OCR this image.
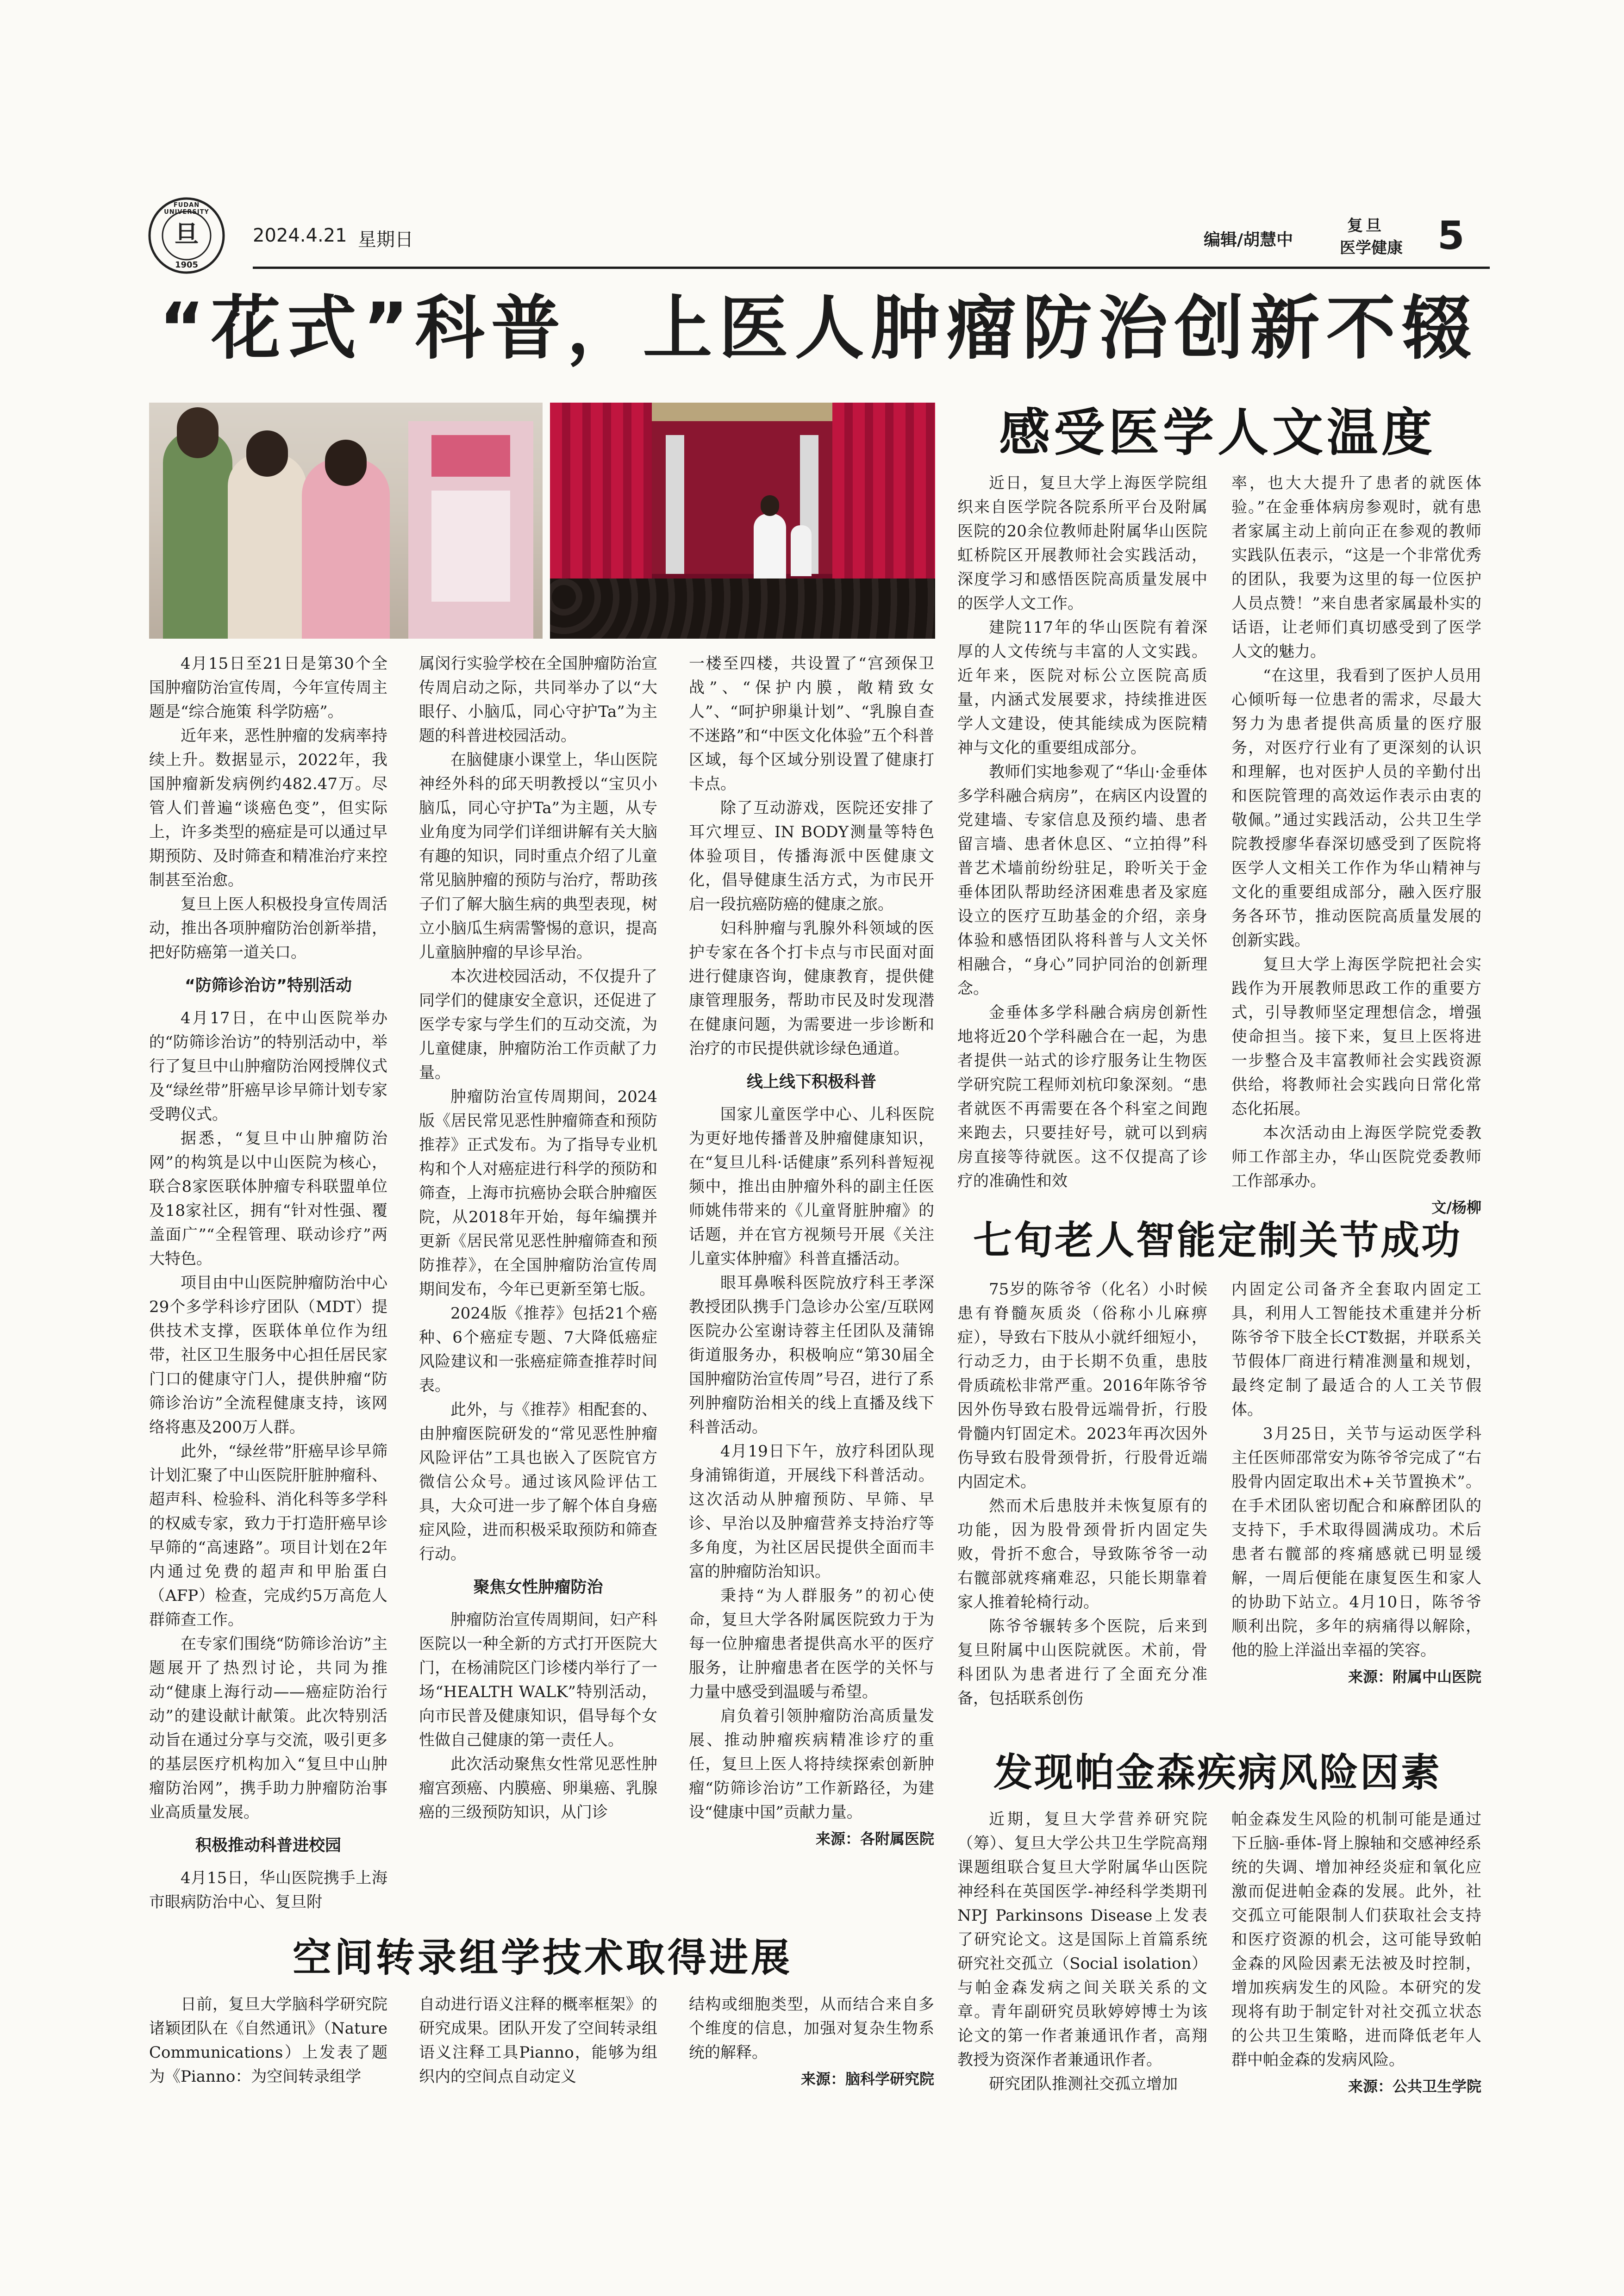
旦
FUDAN UNIVERSITY
1905
2024.4.21 星期日	编辑/胡慧中
复旦
医学健康 5
“花式”科普，上医人肿瘤防治创新不辍

4月15日至21日是第30个全国肿瘤防治宣传周，今年宣传周主题是“综合施策 科学防癌”。

近年来，恶性肿瘤的发病率持续上升。数据显示，2022年，我国肿瘤新发病例约482.47万。尽管人们普遍“谈癌色变”，但实际上，许多类型的癌症是可以通过早期预防、及时筛查和精准治疗来控制甚至治愈。

复旦上医人积极投身宣传周活动，推出各项肿瘤防治创新举措，把好防癌第一道关口。

“防筛诊治访”特别活动

4月17日，在中山医院举办的“防筛诊治访”的特别活动中，举行了复旦中山肿瘤防治网授牌仪式及“绿丝带”肝癌早诊早筛计划专家受聘仪式。

据悉，“复旦中山肿瘤防治网”的构筑是以中山医院为核心，联合8家医联体肿瘤专科联盟单位及18家社区，拥有“针对性强、覆盖面广”“全程管理、联动诊疗”两大特色。

项目由中山医院肿瘤防治中心29个多学科诊疗团队（MDT）提供技术支撑，医联体单位作为纽带，社区卫生服务中心担任居民家门口的健康守门人，提供肿瘤“防筛诊治访”全流程健康支持，该网络将惠及200万人群。

此外，“绿丝带”肝癌早诊早筛计划汇聚了中山医院肝脏肿瘤科、超声科、检验科、消化科等多学科的权威专家，致力于打造肝癌早诊早筛的“高速路”。项目计划在2年内通过免费的超声和甲胎蛋白（AFP）检查，完成约5万高危人群筛查工作。

在专家们围绕“防筛诊治访”主题展开了热烈讨论，共同为推动“健康上海行动——癌症防治行动”的建设献计献策。此次特别活动旨在通过分享与交流，吸引更多的基层医疗机构加入“复旦中山肿瘤防治网”，携手助力肿瘤防治事业高质量发展。

积极推动科普进校园

4月15日，华山医院携手上海市眼病防治中心、复旦附

属闵行实验学校在全国肿瘤防治宣传周启动之际，共同举办了以“大眼仔、小脑瓜，同心守护Ta”为主题的科普进校园活动。

在脑健康小课堂上，华山医院神经外科的邱天明教授以“宝贝小脑瓜，同心守护Ta”为主题，从专业角度为同学们详细讲解有关大脑有趣的知识，同时重点介绍了儿童常见脑肿瘤的预防与治疗，帮助孩子们了解大脑生病的典型表现，树立小脑瓜生病需警惕的意识，提高儿童脑肿瘤的早诊早治。

本次进校园活动，不仅提升了同学们的健康安全意识，还促进了医学专家与学生们的互动交流，为儿童健康，肿瘤防治工作贡献了力量。

肿瘤防治宣传周期间，2024版《居民常见恶性肿瘤筛查和预防推荐》正式发布。为了指导专业机构和个人对癌症进行科学的预防和筛查，上海市抗癌协会联合肿瘤医院，从2018年开始，每年编撰并更新《居民常见恶性肿瘤筛查和预防推荐》，在全国肿瘤防治宣传周期间发布，今年已更新至第七版。

2024版《推荐》包括21个癌种、6个癌症专题、7大降低癌症风险建议和一张癌症筛查推荐时间表。

此外，与《推荐》相配套的、由肿瘤医院研发的“常见恶性肿瘤风险评估”工具也嵌入了医院官方微信公众号。通过该风险评估工具，大众可进一步了解个体自身癌症风险，进而积极采取预防和筛查行动。

聚焦女性肿瘤防治

肿瘤防治宣传周期间，妇产科医院以一种全新的方式打开医院大门，在杨浦院区门诊楼内举行了一场“HEALTH WALK”特别活动，向市民普及健康知识，倡导每个女性做自己健康的第一责任人。

此次活动聚焦女性常见恶性肿瘤宫颈癌、内膜癌、卵巢癌、乳腺癌的三级预防知识，从门诊

一楼至四楼，共设置了“宫颈保卫战”、“保护内膜，敞精致女人”、“呵护卵巢计划”、“乳腺自查不迷路”和“中医文化体验”五个科普区域，每个区域分别设置了健康打卡点。

除了互动游戏，医院还安排了耳穴埋豆、IN BODY测量等特色体验项目，传播海派中医健康文化，倡导健康生活方式，为市民开启一段抗癌防癌的健康之旅。

妇科肿瘤与乳腺外科领域的医护专家在各个打卡点与市民面对面进行健康咨询，健康教育，提供健康管理服务，帮助市民及时发现潜在健康问题，为需要进一步诊断和治疗的市民提供就诊绿色通道。

线上线下积极科普

国家儿童医学中心、儿科医院为更好地传播普及肿瘤健康知识，在“复旦儿科·话健康”系列科普短视频中，推出由肿瘤外科的副主任医师姚伟带来的《儿童肾脏肿瘤》的话题，并在官方视频号开展《关注儿童实体肿瘤》科普直播活动。

眼耳鼻喉科医院放疗科王孝深教授团队携手门急诊办公室/互联网医院办公室谢诗蓉主任团队及蒲锦街道服务办，积极响应“第30届全国肿瘤防治宣传周”号召，进行了系列肿瘤防治相关的线上直播及线下科普活动。

4月19日下午，放疗科团队现身浦锦街道，开展线下科普活动。这次活动从肿瘤预防、早筛、早诊、早治以及肿瘤营养支持治疗等多角度，为社区居民提供全面而丰富的肿瘤防治知识。

秉持“为人群服务”的初心使命，复旦大学各附属医院致力于为每一位肿瘤患者提供高水平的医疗服务，让肿瘤患者在医学的关怀与力量中感受到温暖与希望。

肩负着引领肿瘤防治高质量发展、推动肿瘤疾病精准诊疗的重任，复旦上医人将持续探索创新肿瘤“防筛诊治访”工作新路径，为建设“健康中国”贡献力量。

来源：各附属医院
感受医学人文温度

近日，复旦大学上海医学院组织来自医学院各院系所平台及附属医院的20余位教师赴附属华山医院虹桥院区开展教师社会实践活动，深度学习和感悟医院高质量发展中的医学人文工作。

建院117年的华山医院有着深厚的人文传统与丰富的人文实践。近年来，医院对标公立医院高质量，内涵式发展要求，持续推进医学人文建设，使其能续成为医院精神与文化的重要组成部分。

教师们实地参观了“华山·金垂体多学科融合病房”，在病区内设置的党建墙、专家信息及预约墙、患者留言墙、患者休息区、“立拍得”科普艺术墙前纷纷驻足，聆听关于金垂体团队帮助经济困难患者及家庭设立的医疗互助基金的介绍，亲身体验和感悟团队将科普与人文关怀相融合，“身心”同护同治的创新理念。

金垂体多学科融合病房创新性地将近20个学科融合在一起，为患者提供一站式的诊疗服务让生物医学研究院工程师刘杭印象深刻。“患者就医不再需要在各个科室之间跑来跑去，只要挂好号，就可以到病房直接等待就医。这不仅提高了诊疗的准确性和效

率，也大大提升了患者的就医体验。”在金垂体病房参观时，就有患者家属主动上前向正在参观的教师实践队伍表示，“这是一个非常优秀的团队，我要为这里的每一位医护人员点赞！”来自患者家属最朴实的话语，让老师们真切感受到了医学人文的魅力。

“在这里，我看到了医护人员用心倾听每一位患者的需求，尽最大努力为患者提供高质量的医疗服务，对医疗行业有了更深刻的认识和理解，也对医护人员的辛勤付出和医院管理的高效运作表示由衷的敬佩。”通过实践活动，公共卫生学院教授廖华春深切感受到了医院将医学人文相关工作作为华山精神与文化的重要组成部分，融入医疗服务各环节，推动医院高质量发展的创新实践。

复旦大学上海医学院把社会实践作为开展教师思政工作的重要方式，引导教师坚定理想信念，增强使命担当。接下来，复旦上医将进一步整合及丰富教师社会实践资源供给，将教师社会实践向日常化常态化拓展。

本次活动由上海医学院党委教师工作部主办，华山医院党委教师工作部承办。

文/杨柳
七旬老人智能定制关节成功

75岁的陈爷爷（化名）小时候患有脊髓灰质炎（俗称小儿麻痹症），导致右下肢从小就纤细短小，行动乏力，由于长期不负重，患肢骨质疏松非常严重。2016年陈爷爷因外伤导致右股骨远端骨折，行股骨髓内钉固定术。2023年再次因外伤导致右股骨颈骨折，行股骨近端内固定术。

然而术后患肢并未恢复原有的功能，因为股骨颈骨折内固定失败，骨折不愈合，导致陈爷爷一动右髋部就疼痛难忍，只能长期靠着家人推着轮椅行动。

陈爷爷辗转多个医院，后来到复旦附属中山医院就医。术前，骨科团队为患者进行了全面充分准备，包括联系创伤

内固定公司备齐全套取内固定工具，利用人工智能技术重建并分析陈爷爷下肢全长CT数据，并联系关节假体厂商进行精准测量和规划，最终定制了最适合的人工关节假体。

3月25日，关节与运动医学科主任医师邵常安为陈爷爷完成了“右股骨内固定取出术+关节置换术”。在手术团队密切配合和麻醉团队的支持下，手术取得圆满成功。术后患者右髋部的疼痛感就已明显缓解，一周后便能在康复医生和家人的协助下站立。4月10日，陈爷爷顺利出院，多年的病痛得以解除，他的脸上洋溢出幸福的笑容。

来源：附属中山医院
发现帕金森疾病风险因素

近期，复旦大学营养研究院（筹）、复旦大学公共卫生学院高翔课题组联合复旦大学附属华山医院神经科在英国医学-神经科学类期刊NPJ Parkinsons Disease上发表了研究论文。这是国际上首篇系统研究社交孤立（Social isolation）与帕金森发病之间关联关系的文章。青年副研究员耿婷婷博士为该论文的第一作者兼通讯作者，高翔教授为资深作者兼通讯作者。

研究团队推测社交孤立增加

帕金森发生风险的机制可能是通过下丘脑-垂体-肾上腺轴和交感神经系统的失调、增加神经炎症和氧化应激而促进帕金森的发展。此外，社交孤立可能限制人们获取社会支持和医疗资源的机会，这可能导致帕金森的风险因素无法被及时控制，增加疾病发生的风险。本研究的发现将有助于制定针对社交孤立状态的公共卫生策略，进而降低老年人群中帕金森的发病风险。

来源：公共卫生学院
空间转录组学技术取得进展

日前，复旦大学脑科学研究院诸颖团队在《自然通讯》（Nature Communications）上发表了题为《Pianno：为空间转录组学

自动进行语义注释的概率框架》的研究成果。团队开发了空间转录组语义注释工具Pianno，能够为组织内的空间点自动定义

结构或细胞类型，从而结合来自多个维度的信息，加强对复杂生物系统的解释。

来源：脑科学研究院
